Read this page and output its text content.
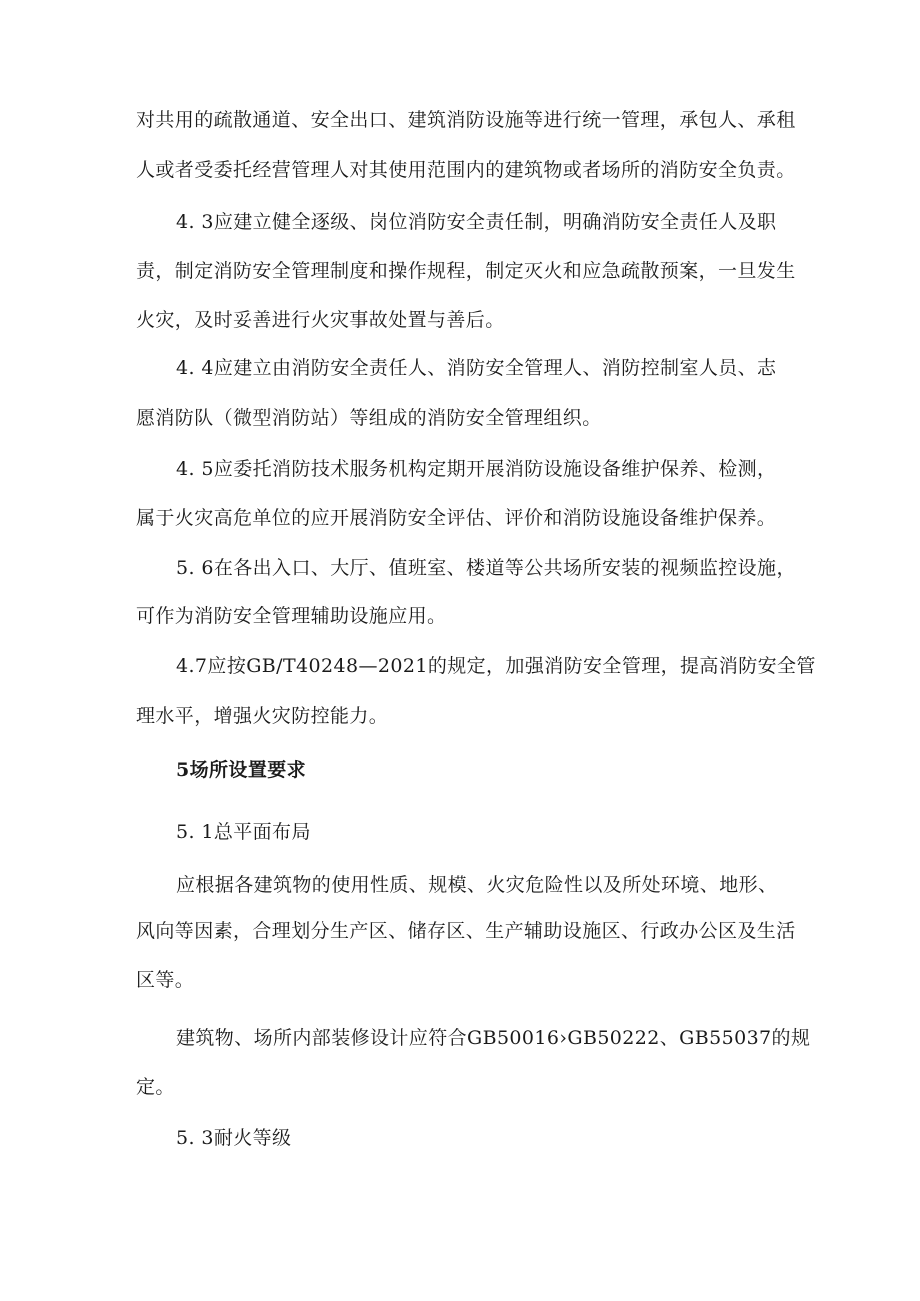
对共用的疏散通道、安全出口、建筑消防设施等进行统一管理，承包人、承租
人或者受委托经营管理人对其使用范围内的建筑物或者场所的消防安全负责。
4. 3应建立健全逐级、岗位消防安全责任制，明确消防安全责任人及职
责，制定消防安全管理制度和操作规程，制定灭火和应急疏散预案，一旦发生
火灾，及时妥善进行火灾事故处置与善后。
4. 4应建立由消防安全责任人、消防安全管理人、消防控制室人员、志
愿消防队（微型消防站）等组成的消防安全管理组织。
4. 5应委托消防技术服务机构定期开展消防设施设备维护保养、检测，
属于火灾高危单位的应开展消防安全评估、评价和消防设施设备维护保养。
5. 6在各出入口、大厅、值班室、楼道等公共场所安装的视频监控设施，
可作为消防安全管理辅助设施应用。
4.7应按GB/T40248—2021的规定，加强消防安全管理，提高消防安全管
理水平，增强火灾防控能力。
5场所设置要求
5. 1总平面布局
应根据各建筑物的使用性质、规模、火灾危险性以及所处环境、地形、
风向等因素，合理划分生产区、储存区、生产辅助设施区、行政办公区及生活
区等。
建筑物、场所内部装修设计应符合GB50016›GB50222、GB55037的规
定。
5. 3耐火等级
